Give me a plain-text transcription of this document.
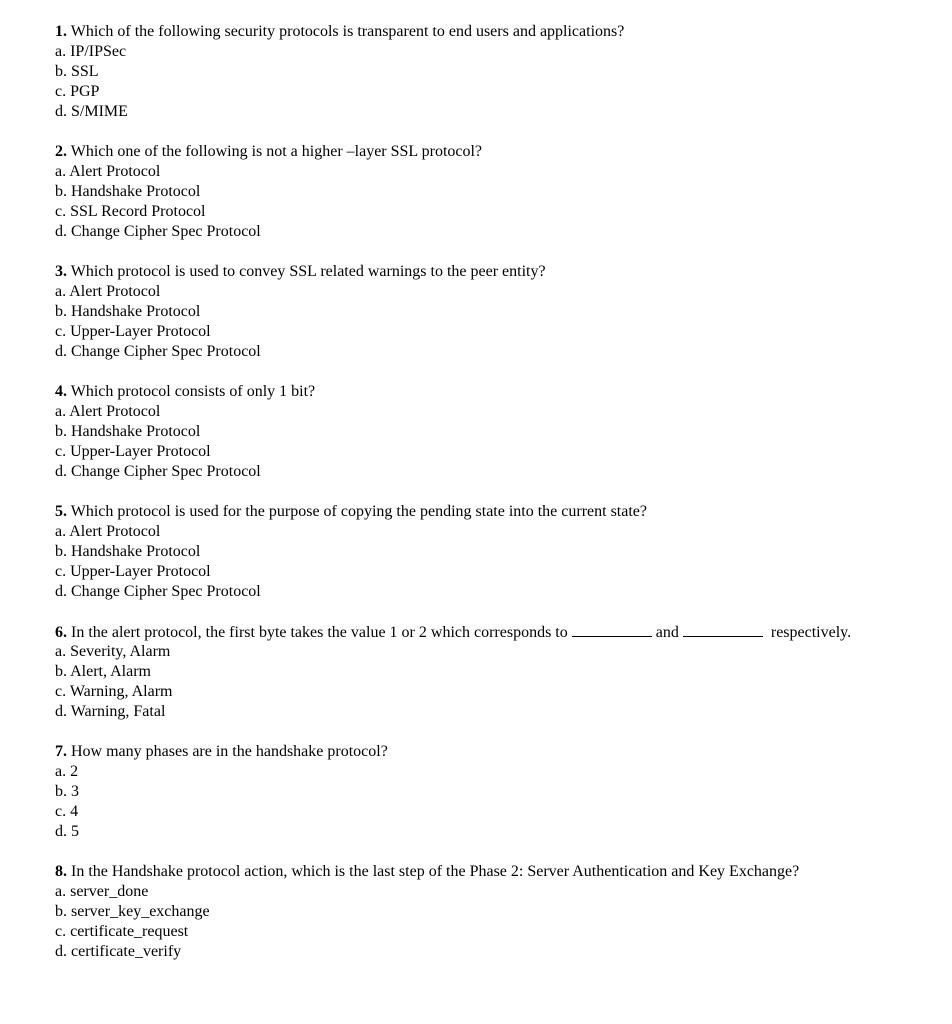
1. Which of the following security protocols is transparent to end users and applications?
a. IP/IPSec
b. SSL
c. PGP
d. S/MIME
2. Which one of the following is not a higher –layer SSL protocol?
a. Alert Protocol
b. Handshake Protocol
c. SSL Record Protocol
d. Change Cipher Spec Protocol
3. Which protocol is used to convey SSL related warnings to the peer entity?
a. Alert Protocol
b. Handshake Protocol
c. Upper-Layer Protocol
d. Change Cipher Spec Protocol
4. Which protocol consists of only 1 bit?
a. Alert Protocol
b. Handshake Protocol
c. Upper-Layer Protocol
d. Change Cipher Spec Protocol
5. Which protocol is used for the purpose of copying the pending state into the current state?
a. Alert Protocol
b. Handshake Protocol
c. Upper-Layer Protocol
d. Change Cipher Spec Protocol
6. In the alert protocol, the first byte takes the value 1 or 2 which corresponds to	and	respectively.
a. Severity, Alarm
b. Alert, Alarm
c. Warning, Alarm
d. Warning, Fatal
7. How many phases are in the handshake protocol?
a. 2
b. 3
c. 4
d. 5
8. In the Handshake protocol action, which is the last step of the Phase 2: Server Authentication and Key Exchange?
a. server_done
b. server_key_exchange
c. certificate_request
d. certificate_verify
